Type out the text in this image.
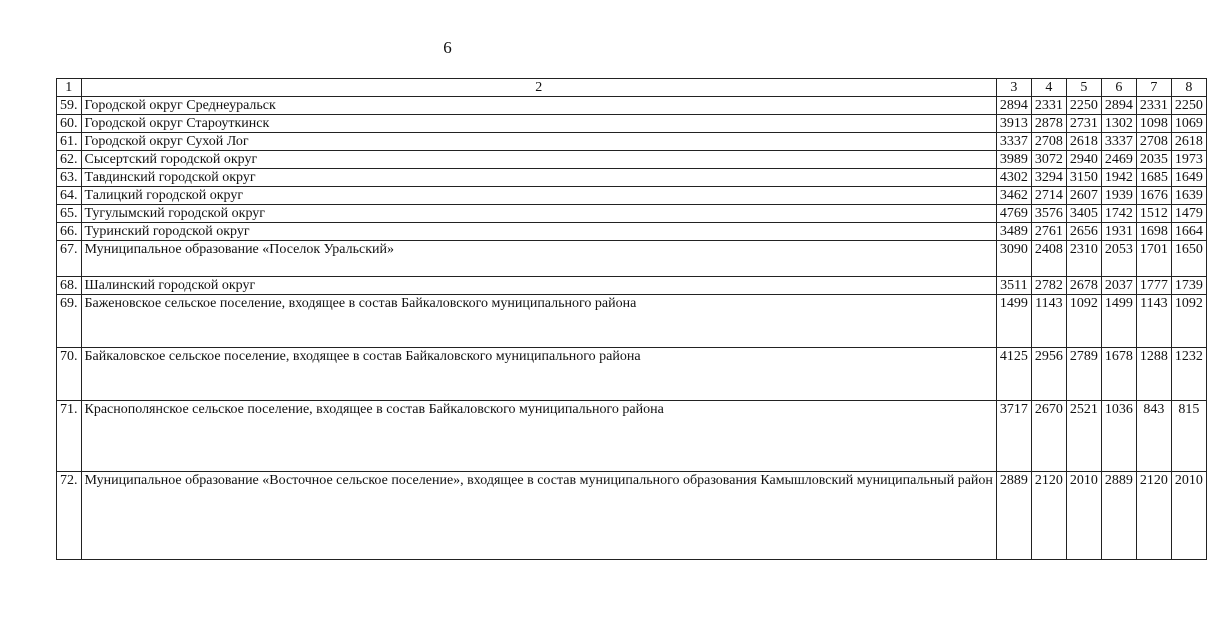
6
1	2	3	4	5	6	7	8
59.	Городской округ Среднеуральск	2894	2331	2250	2894	2331	2250
60.	Городской округ Староуткинск	3913	2878	2731	1302	1098	1069
61.	Городской округ Сухой Лог	3337	2708	2618	3337	2708	2618
62.	Сысертский городской округ	3989	3072	2940	2469	2035	1973
63.	Тавдинский городской округ	4302	3294	3150	1942	1685	1649
64.	Талицкий городской округ	3462	2714	2607	1939	1676	1639
65.	Тугулымский городской округ	4769	3576	3405	1742	1512	1479
66.	Туринский городской округ	3489	2761	2656	1931	1698	1664
67.	Муниципальное образование «Поселок Уральский»	3090	2408	2310	2053	1701	1650
68.	Шалинский городской округ	3511	2782	2678	2037	1777	1739
69.	Баженовское сельское поселение, входящее в состав Байкаловского муниципального района	1499	1143	1092	1499	1143	1092
70.	Байкаловское сельское поселение, входящее в состав Байкаловского муниципального района	4125	2956	2789	1678	1288	1232
71.	Краснополянское сельское поселение, входящее в состав Байкаловского муниципального района	3717	2670	2521	1036	843	815
72.	Муниципальное образование «Восточное сельское поселение», входящее в состав муниципального образования Камышловский муниципальный район	2889	2120	2010	2889	2120	2010
